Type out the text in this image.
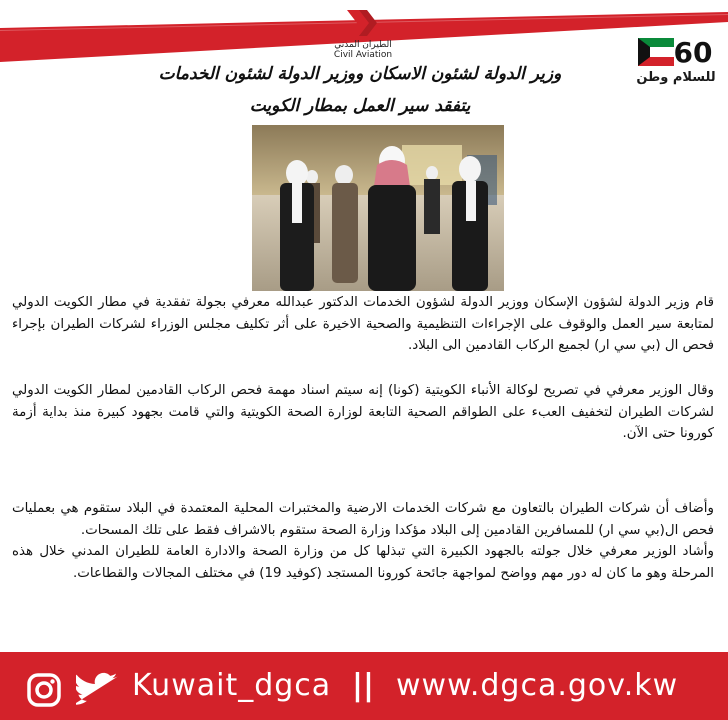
الطيران المدني
Civil Aviation	60
للسلام وطن
وزير الدولة لشئون الاسكان ووزير الدولة لشئون الخدمات
يتفقد سير العمل بمطار الكويت
قام وزير الدولة لشؤون الإسكان ووزير الدولة لشؤون الخدمات الدكتور عبدالله معرفي بجولة تفقدية في مطار الكويت الدولي لمتابعة سير العمل والوقوف على الإجراءات التنظيمية والصحية الاخيرة على أثر تكليف مجلس الوزراء لشركات الطيران بإجراء فحص ال (بي سي ار) لجميع الركاب القادمين الى البلاد.
وقال الوزير معرفي في تصريح لوكالة الأنباء الكويتية (كونا) إنه سيتم اسناد مهمة فحص الركاب القادمين لمطار الكويت الدولي لشركات الطيران لتخفيف العبء على الطواقم الصحية التابعة لوزارة الصحة الكويتية والتي قامت بجهود كبيرة منذ بداية أزمة كورونا حتى الآن.
وأضاف أن شركات الطيران بالتعاون مع شركات الخدمات الارضية والمختبرات المحلية المعتمدة في البلاد ستقوم هي بعمليات فحص ال(بي سي ار) للمسافرين القادمين إلى البلاد مؤكدا وزارة الصحة ستقوم بالاشراف فقط على تلك المسحات.
وأشاد الوزير معرفي خلال جولته بالجهود الكبيرة التي تبذلها كل من وزارة الصحة والادارة العامة للطيران المدني خلال هذه المرحلة وهو ما كان له دور مهم وواضح لمواجهة جائحة كورونا المستجد (كوفيد 19) في مختلف المجالات والقطاعات.
Kuwait_dgca || www.dgca.gov.kw
